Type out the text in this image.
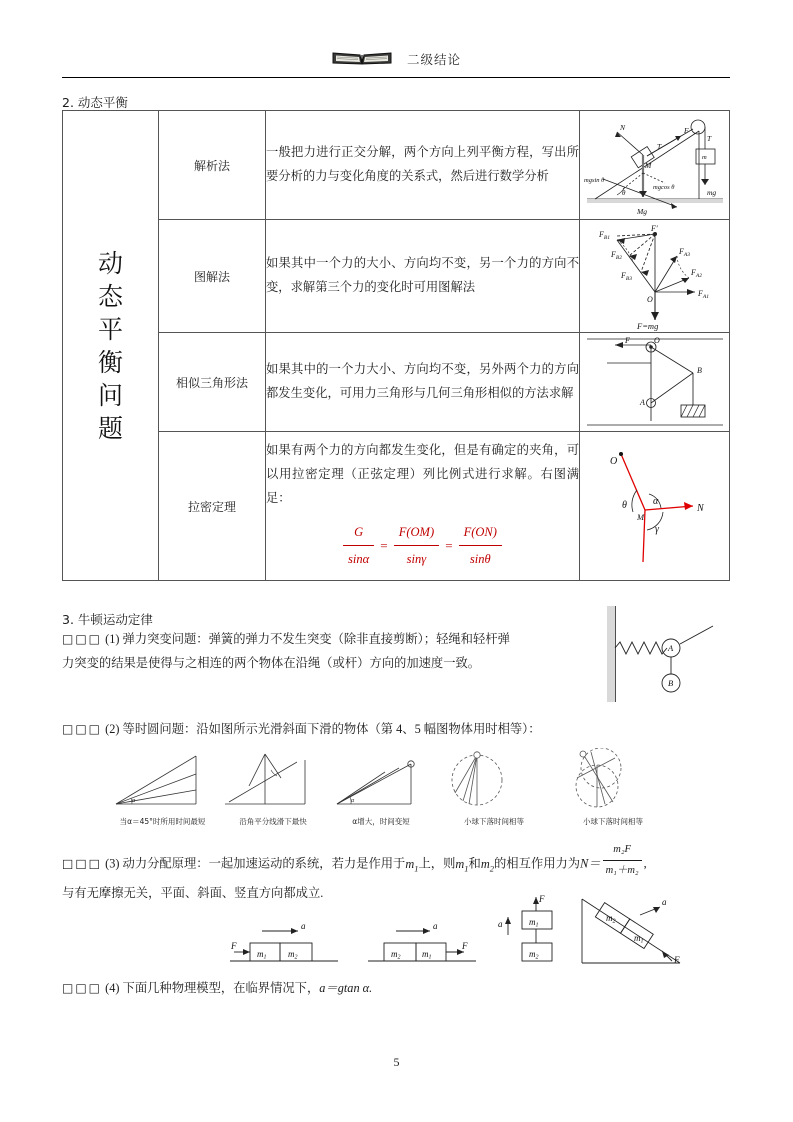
二级结论
2. 动态平衡
动
态
平
衡
问
题
	解析法	一般把力进行正交分解，两个方向上列平衡方程，写出所要分析的力与变化角度的关系式，然后进行数学分析	
N	F
T
T
M
m
mg
mgsin θ
mgcos θ
θ
Mg

图解法	如果其中一个力的大小、方向均不变，另一个力的方向不变，求解第三个力的变化时可用图解法	
$F_{B1}$
$F_{B2}$
$F_{B3}$
$F_{A1}$
$F_{A2}$
$F_{A3}$
F′
O
F=mg

	相似三角形法	如果其中的一个力大小、方向均不变，另外两个力的方向都发生变化，可用力三角形与几何三角形相似的方法求解	F O
B
A

拉密定理	如果有两个力的方向都发生变化，但是有确定的夹角，可以用拉密定理（正弦定理）列比例式进行求解。右图满足：
$\frac{G}{\sin\alpha} = \frac{F(OM)}{\sin\gamma} = \frac{F(ON)}{\sin\theta}$

O
N
M
θ	α
γ
3. 牛顿运动定律
□□□ (1) 弹力突变问题：弹簧的弹力不发生突变（除非直接剪断）；轻绳和轻杆弹
力突变的结果是使得与之相连的两个物体在沿绳（或杆）方向的加速度一致。
A
B
□□□ (2) 等时圆问题：沿如图所示光滑斜面下滑的物体（第 4、5 幅图物体用时相等）：
α
当α＝45°时所用时间最短
	沿角平分线滑下最快

α
α增大，时间变短
	小球下落时间相等
	小球下落时间相等
□□□ (3) 动力分配原理：一起加速运动的系统，若力是作用于$m_1$上，则$m_1$和$m_2$的相互作用力为$N= \frac{\text{m₂F}}{\text{m₁＋m₂}}$ ,
与有无摩擦无关，平面、斜面、竖直方向都成立.
F
a
m1 m2

a
F
m2 m1

F
a	m1
m2

a
F
m2
m1
□□□ (4) 下面几种物理模型，在临界情况下，a＝gtan α.
5
